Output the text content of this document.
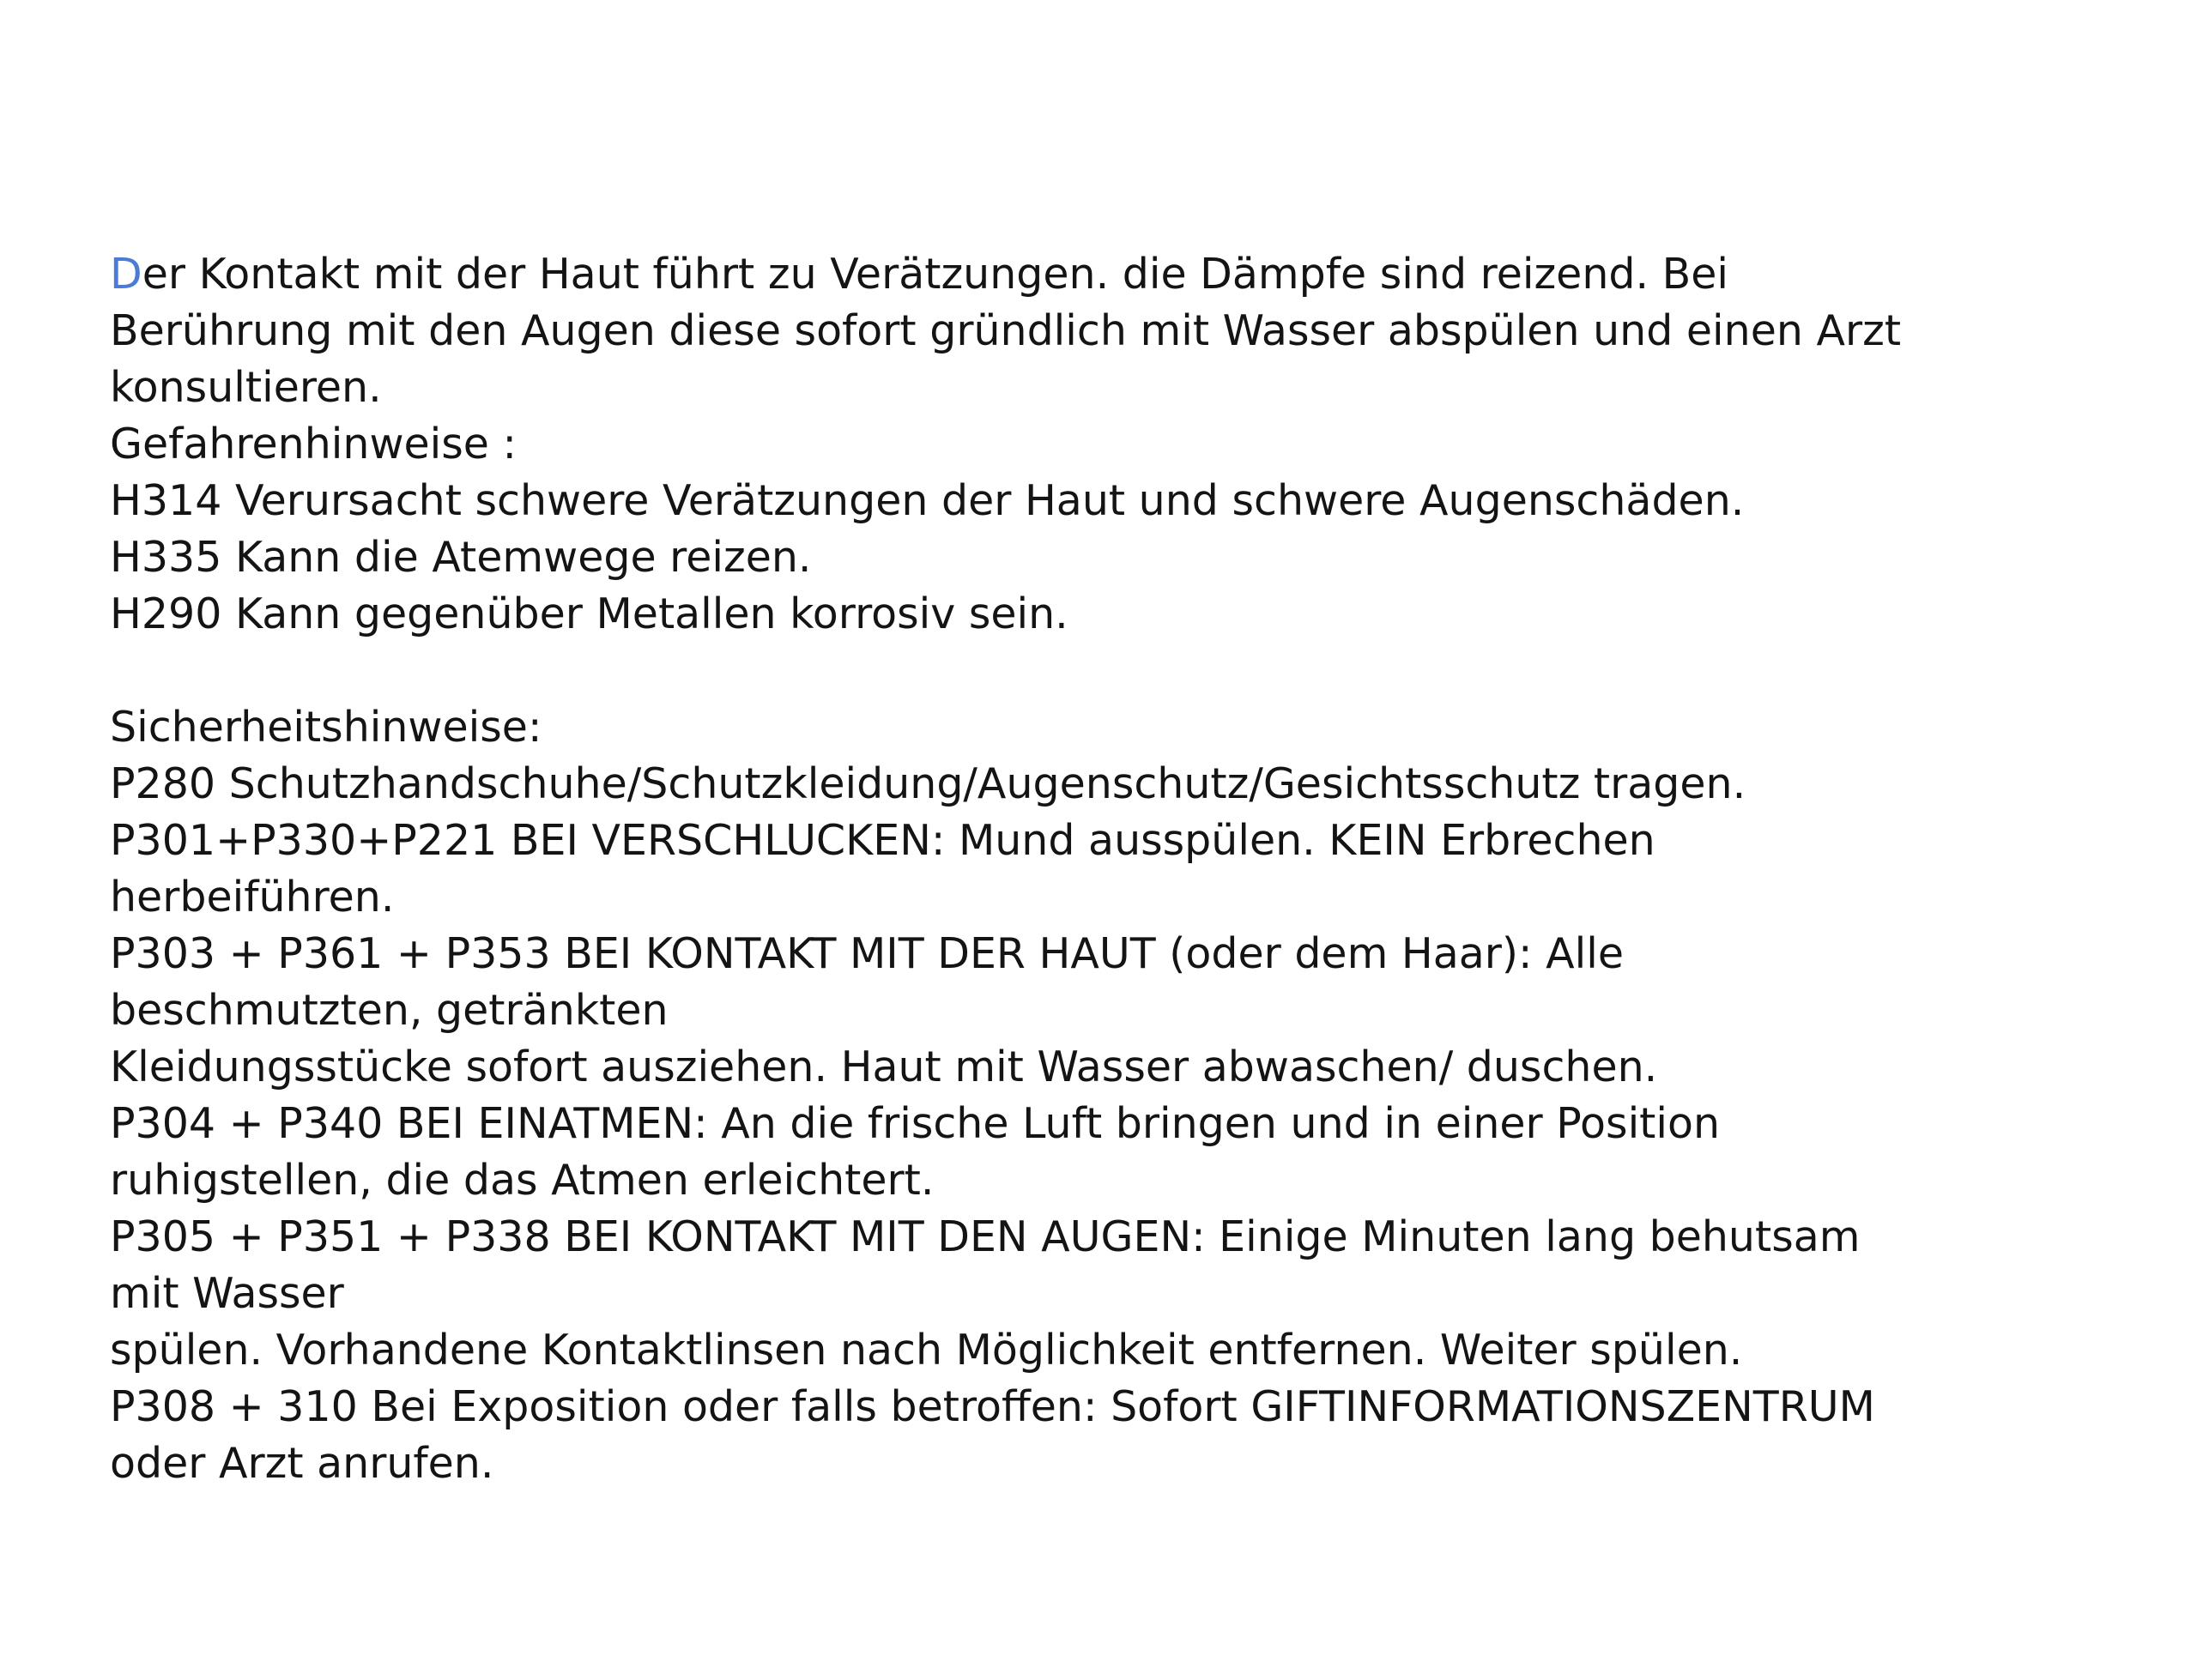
Der Kontakt mit der Haut führt zu Verätzungen. die Dämpfe sind reizend. Bei
Berührung mit den Augen diese sofort gründlich mit Wasser abspülen und einen Arzt
konsultieren.
Gefahrenhinweise :
H314 Verursacht schwere Verätzungen der Haut und schwere Augenschäden.
H335 Kann die Atemwege reizen.
H290 Kann gegenüber Metallen korrosiv sein.
Sicherheitshinweise:
P280 Schutzhandschuhe/Schutzkleidung/Augenschutz/Gesichtsschutz tragen.
P301+P330+P221 BEI VERSCHLUCKEN: Mund ausspülen. KEIN Erbrechen
herbeiführen.
P303 + P361 + P353 BEI KONTAKT MIT DER HAUT (oder dem Haar): Alle
beschmutzten, getränkten
Kleidungsstücke sofort ausziehen. Haut mit Wasser abwaschen/ duschen.
P304 + P340 BEI EINATMEN: An die frische Luft bringen und in einer Position
ruhigstellen, die das Atmen erleichtert.
P305 + P351 + P338 BEI KONTAKT MIT DEN AUGEN: Einige Minuten lang behutsam
mit Wasser
spülen. Vorhandene Kontaktlinsen nach Möglichkeit entfernen. Weiter spülen.
P308 + 310 Bei Exposition oder falls betroffen: Sofort GIFTINFORMATIONSZENTRUM
oder Arzt anrufen.
